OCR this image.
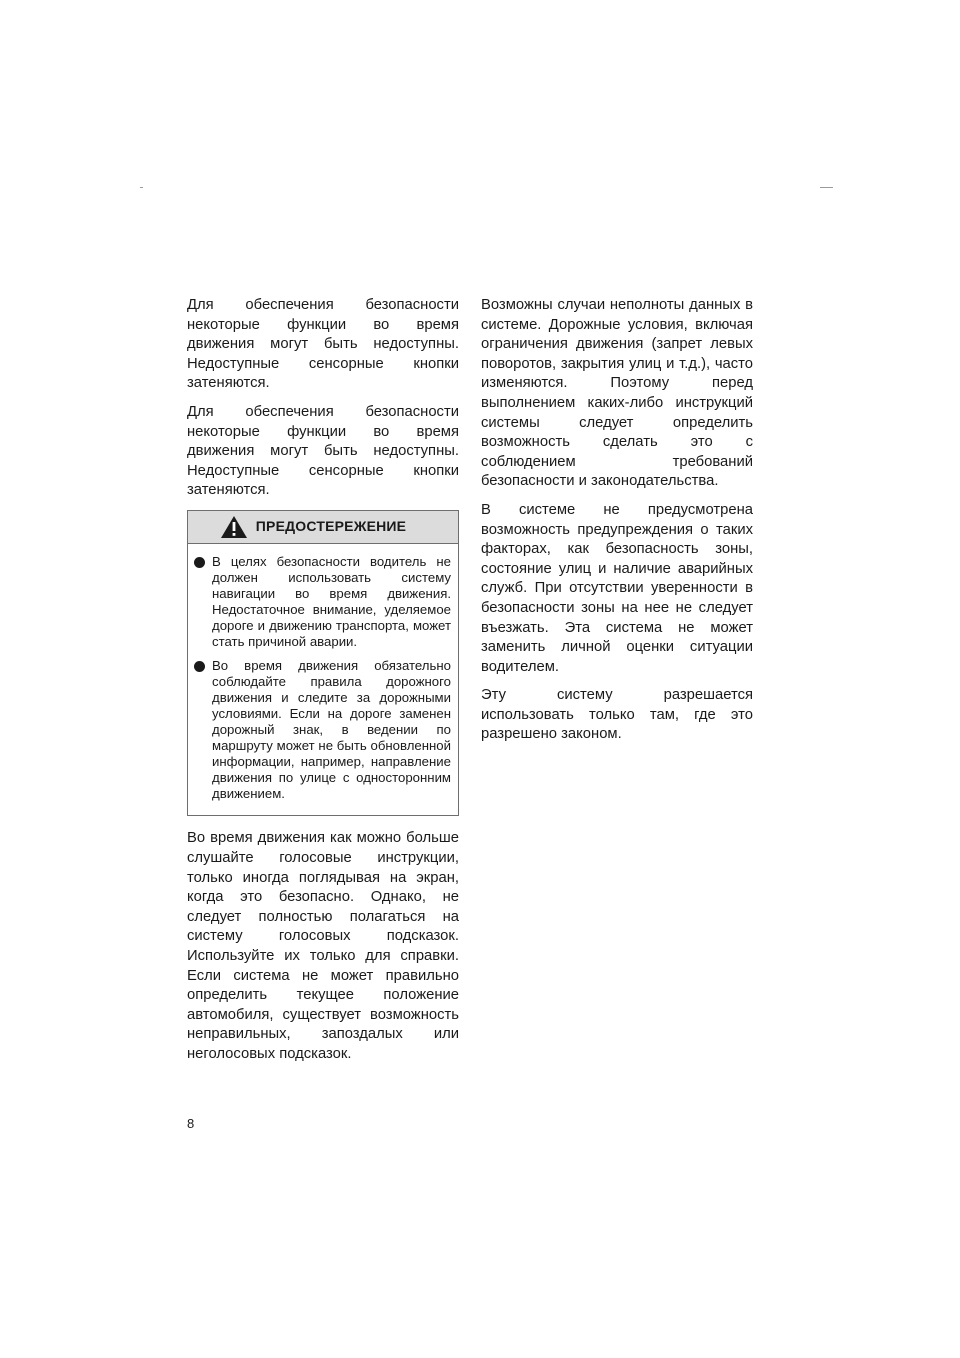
Для обеспечения безопасности некоторые функции во время движения могут быть недоступны. Недоступные сенсорные кнопки затеняются.

Для обеспечения безопасности некоторые функции во время движения могут быть недоступны. Недоступные сенсорные кнопки затеняются.

ПРЕДОСТЕРЕЖЕНИЕ
В целях безопасности водитель не должен использовать систему навигации во время движения. Недостаточное внимание, уделяемое дороге и движению транспорта, может стать причиной аварии.
Во время движения обязательно соблюдайте правила дорожного движения и следите за дорожными условиями. Если на дороге заменен дорожный знак, в ведении по маршруту может не быть обновленной информации, например, направление движения по улице с односторонним движением.

Во время движения как можно больше слушайте голосовые инструкции, только иногда поглядывая на экран, когда это безопасно. Однако, не следует полностью полагаться на систему голосовых подсказок. Используйте их только для справки. Если система не может правильно определить текущее положение автомобиля, существует возможность неправильных, запоздалых или неголосовых подсказок.

Возможны случаи неполноты данных в системе. Дорожные условия, включая ограничения движения (запрет левых поворотов, закрытия улиц и т.д.), часто изменяются. Поэтому перед выполнением каких-либо инструкций системы следует определить возможность сделать это с соблюдением требований безопасности и законодательства.

В системе не предусмотрена возможность предупреждения о таких факторах, как безопасность зоны, состояние улиц и наличие аварийных служб. При отсутствии уверенности в безопасности зоны на нее не следует въезжать. Эта система не может заменить личной оценки ситуации водителем.

Эту систему разрешается использовать только там, где это разрешено законом.

8
